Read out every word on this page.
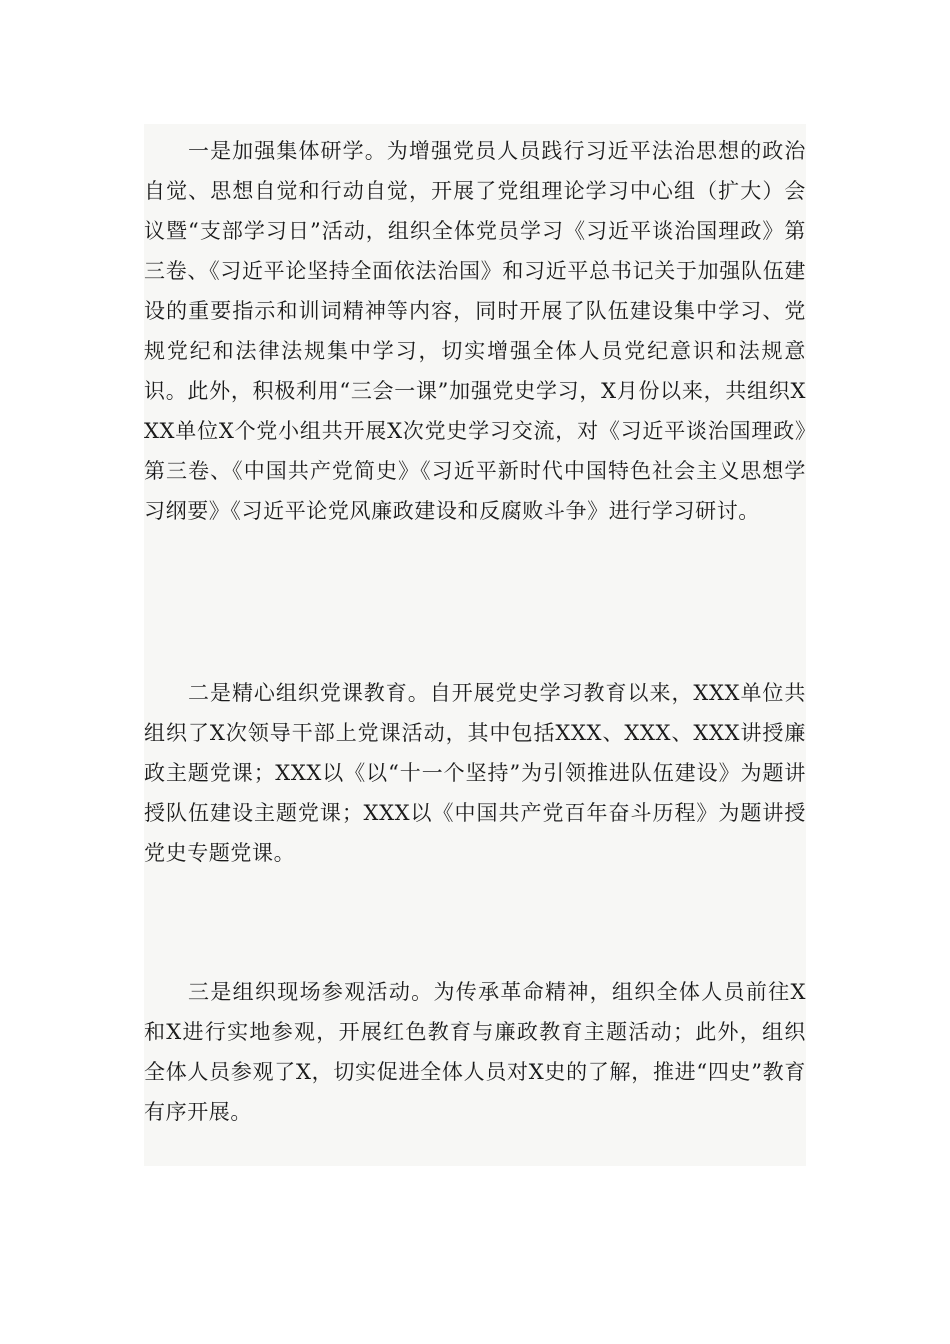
一是加强集体研学。为增强党员人员践行习近平法治思想的政治自觉、思想自觉和行动自觉，开展了党组理论学习中心组（扩大）会议暨“支部学习日”活动，组织全体党员学习《习近平谈治国理政》第三卷、《习近平论坚持全面依法治国》和习近平总书记关于加强队伍建设的重要指示和训词精神等内容，同时开展了队伍建设集中学习、党规党纪和法律法规集中学习，切实增强全体人员党纪意识和法规意识。此外，积极利用“三会一课”加强党史学习，X月份以来，共组织XXX单位X个党小组共开展X次党史学习交流，对《习近平谈治国理政》第三卷、《中国共产党简史》《习近平新时代中国特色社会主义思想学习纲要》《习近平论党风廉政建设和反腐败斗争》进行学习研讨。

二是精心组织党课教育。自开展党史学习教育以来，XXX单位共组织了X次领导干部上党课活动，其中包括XXX、XXX、XXX讲授廉政主题党课；XXX以《以“十一个坚持”为引领推进队伍建设》为题讲授队伍建设主题党课；XXX以《中国共产党百年奋斗历程》为题讲授党史专题党课。

三是组织现场参观活动。为传承革命精神，组织全体人员前往X和X进行实地参观，开展红色教育与廉政教育主题活动；此外，组织全体人员参观了X，切实促进全体人员对X史的了解，推进“四史”教育有序开展。
